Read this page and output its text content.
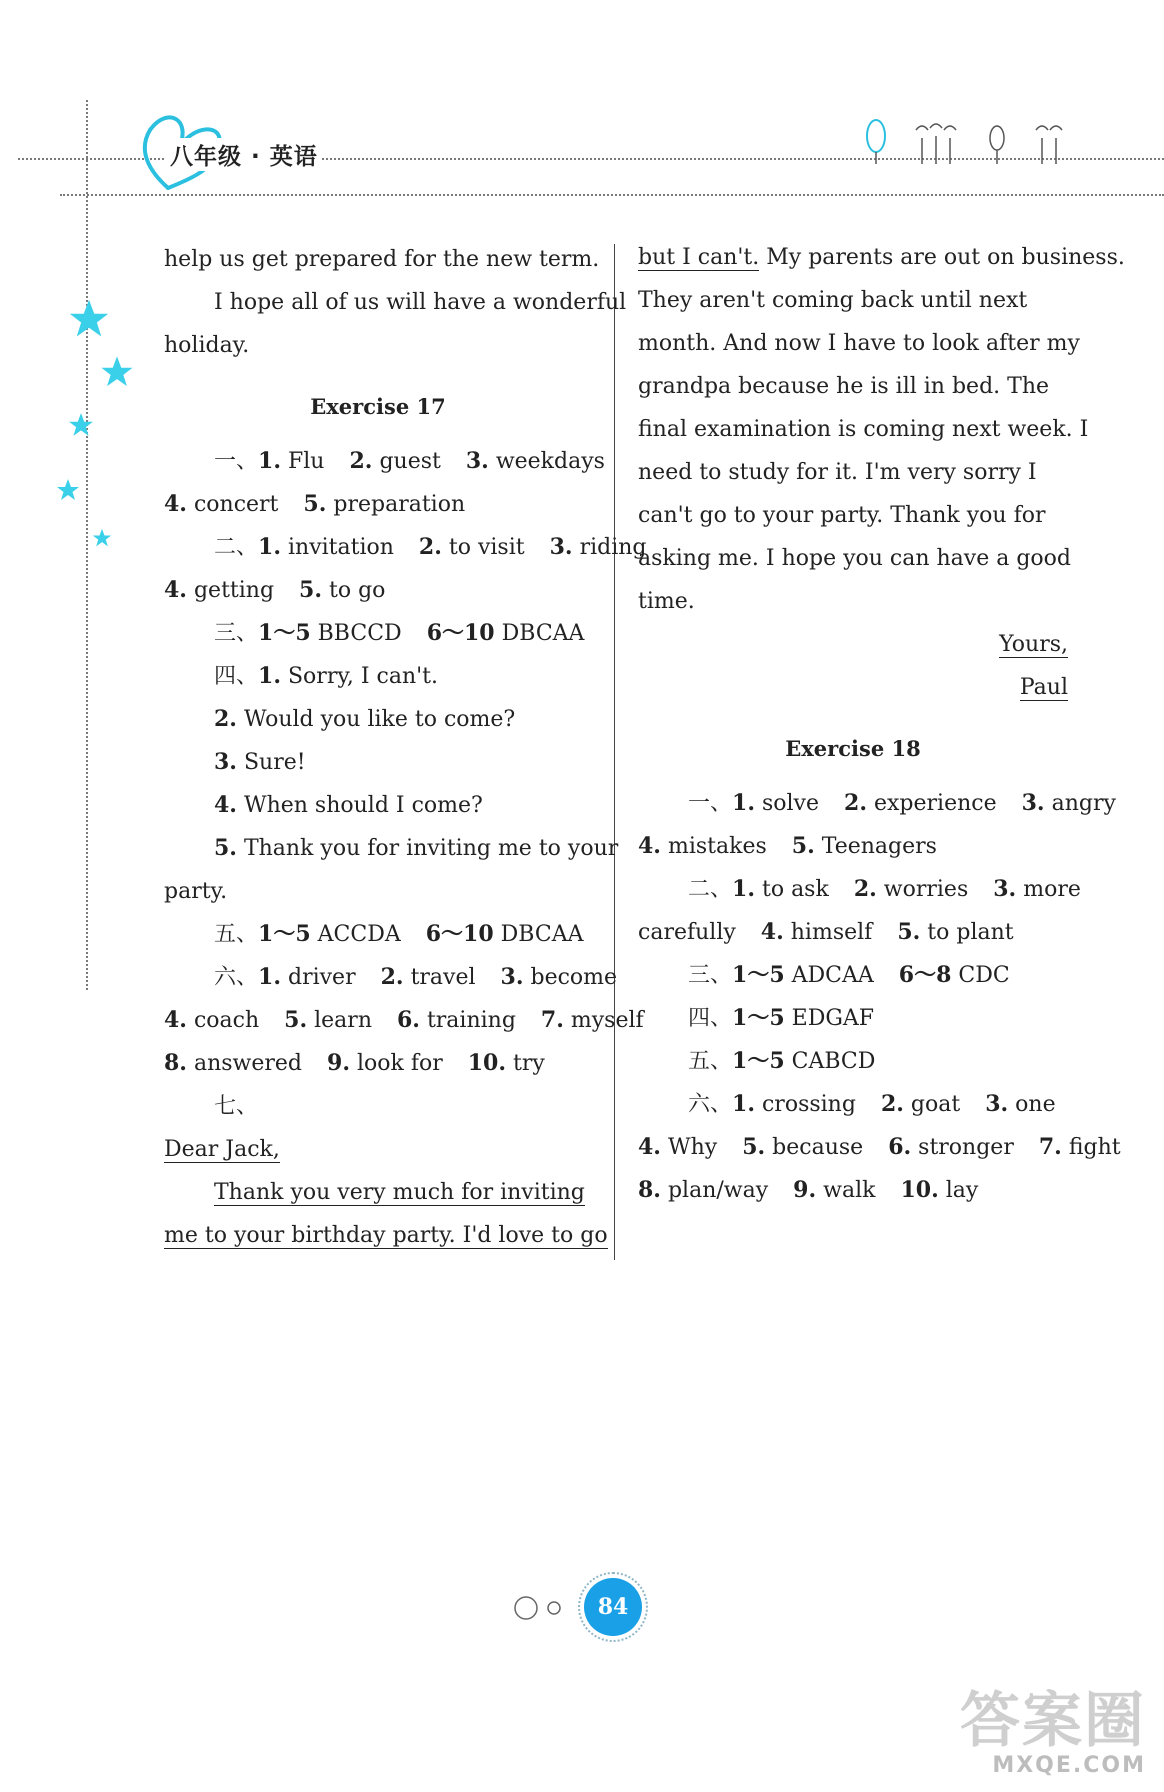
八年级 · 英语
help us get prepared for the new term.
I hope all of us will have a wonderful
holiday.
Exercise 17
一、1. Flu 2. guest 3. weekdays
4. concert 5. preparation
二、1. invitation 2. to visit 3. riding
4. getting 5. to go
三、1～5 BBCCD 6～10 DBCAA
四、1. Sorry, I can't.
2. Would you like to come?
3. Sure!
4. When should I come?
5. Thank you for inviting me to your
party.
五、1～5 ACCDA 6～10 DBCAA
六、1. driver 2. travel 3. become
4. coach 5. learn 6. training 7. myself
8. answered 9. look for 10. try
七、
Dear Jack,
Thank you very much for inviting
me to your birthday party. I'd love to go
but I can't. My parents are out on business.
They aren't coming back until next
month. And now I have to look after my
grandpa because he is ill in bed. The
final examination is coming next week. I
need to study for it. I'm very sorry I
can't go to your party. Thank you for
asking me. I hope you can have a good
time.
Yours,
Paul
Exercise 18
一、1. solve 2. experience 3. angry
4. mistakes 5. Teenagers
二、1. to ask 2. worries 3. more
carefully 4. himself 5. to plant
三、1～5 ADCAA 6～8 CDC
四、1～5 EDGAF
五、1～5 CABCD
六、1. crossing 2. goat 3. one
4. Why 5. because 6. stronger 7. fight
8. plan/way 9. walk 10. lay
84
答案圈
MXQE.COM
